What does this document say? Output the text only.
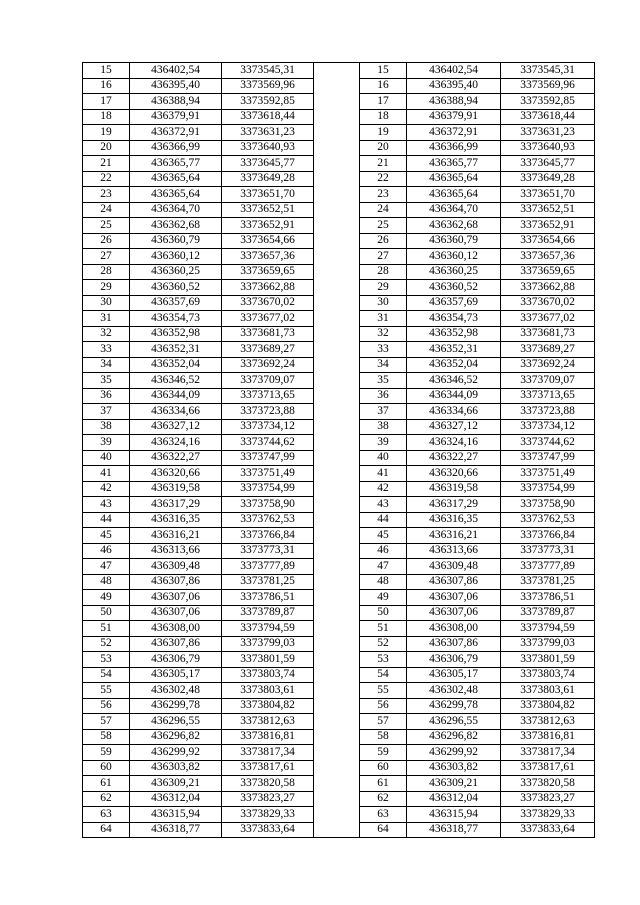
15	436402,54	3373545,31		15	436402,54	3373545,31
16	436395,40	3373569,96		16	436395,40	3373569,96
17	436388,94	3373592,85		17	436388,94	3373592,85
18	436379,91	3373618,44		18	436379,91	3373618,44
19	436372,91	3373631,23		19	436372,91	3373631,23
20	436366,99	3373640,93		20	436366,99	3373640,93
21	436365,77	3373645,77		21	436365,77	3373645,77
22	436365,64	3373649,28		22	436365,64	3373649,28
23	436365,64	3373651,70		23	436365,64	3373651,70
24	436364,70	3373652,51		24	436364,70	3373652,51
25	436362,68	3373652,91		25	436362,68	3373652,91
26	436360,79	3373654,66		26	436360,79	3373654,66
27	436360,12	3373657,36		27	436360,12	3373657,36
28	436360,25	3373659,65		28	436360,25	3373659,65
29	436360,52	3373662,88		29	436360,52	3373662,88
30	436357,69	3373670,02		30	436357,69	3373670,02
31	436354,73	3373677,02		31	436354,73	3373677,02
32	436352,98	3373681,73		32	436352,98	3373681,73
33	436352,31	3373689,27		33	436352,31	3373689,27
34	436352,04	3373692,24		34	436352,04	3373692,24
35	436346,52	3373709,07		35	436346,52	3373709,07
36	436344,09	3373713,65		36	436344,09	3373713,65
37	436334,66	3373723,88		37	436334,66	3373723,88
38	436327,12	3373734,12		38	436327,12	3373734,12
39	436324,16	3373744,62		39	436324,16	3373744,62
40	436322,27	3373747,99		40	436322,27	3373747,99
41	436320,66	3373751,49		41	436320,66	3373751,49
42	436319,58	3373754,99		42	436319,58	3373754,99
43	436317,29	3373758,90		43	436317,29	3373758,90
44	436316,35	3373762,53		44	436316,35	3373762,53
45	436316,21	3373766,84		45	436316,21	3373766,84
46	436313,66	3373773,31		46	436313,66	3373773,31
47	436309,48	3373777,89		47	436309,48	3373777,89
48	436307,86	3373781,25		48	436307,86	3373781,25
49	436307,06	3373786,51		49	436307,06	3373786,51
50	436307,06	3373789,87		50	436307,06	3373789,87
51	436308,00	3373794,59		51	436308,00	3373794,59
52	436307,86	3373799,03		52	436307,86	3373799,03
53	436306,79	3373801,59		53	436306,79	3373801,59
54	436305,17	3373803,74		54	436305,17	3373803,74
55	436302,48	3373803,61		55	436302,48	3373803,61
56	436299,78	3373804,82		56	436299,78	3373804,82
57	436296,55	3373812,63		57	436296,55	3373812,63
58	436296,82	3373816,81		58	436296,82	3373816,81
59	436299,92	3373817,34		59	436299,92	3373817,34
60	436303,82	3373817,61		60	436303,82	3373817,61
61	436309,21	3373820,58		61	436309,21	3373820,58
62	436312,04	3373823,27		62	436312,04	3373823,27
63	436315,94	3373829,33		63	436315,94	3373829,33
64	436318,77	3373833,64		64	436318,77	3373833,64
